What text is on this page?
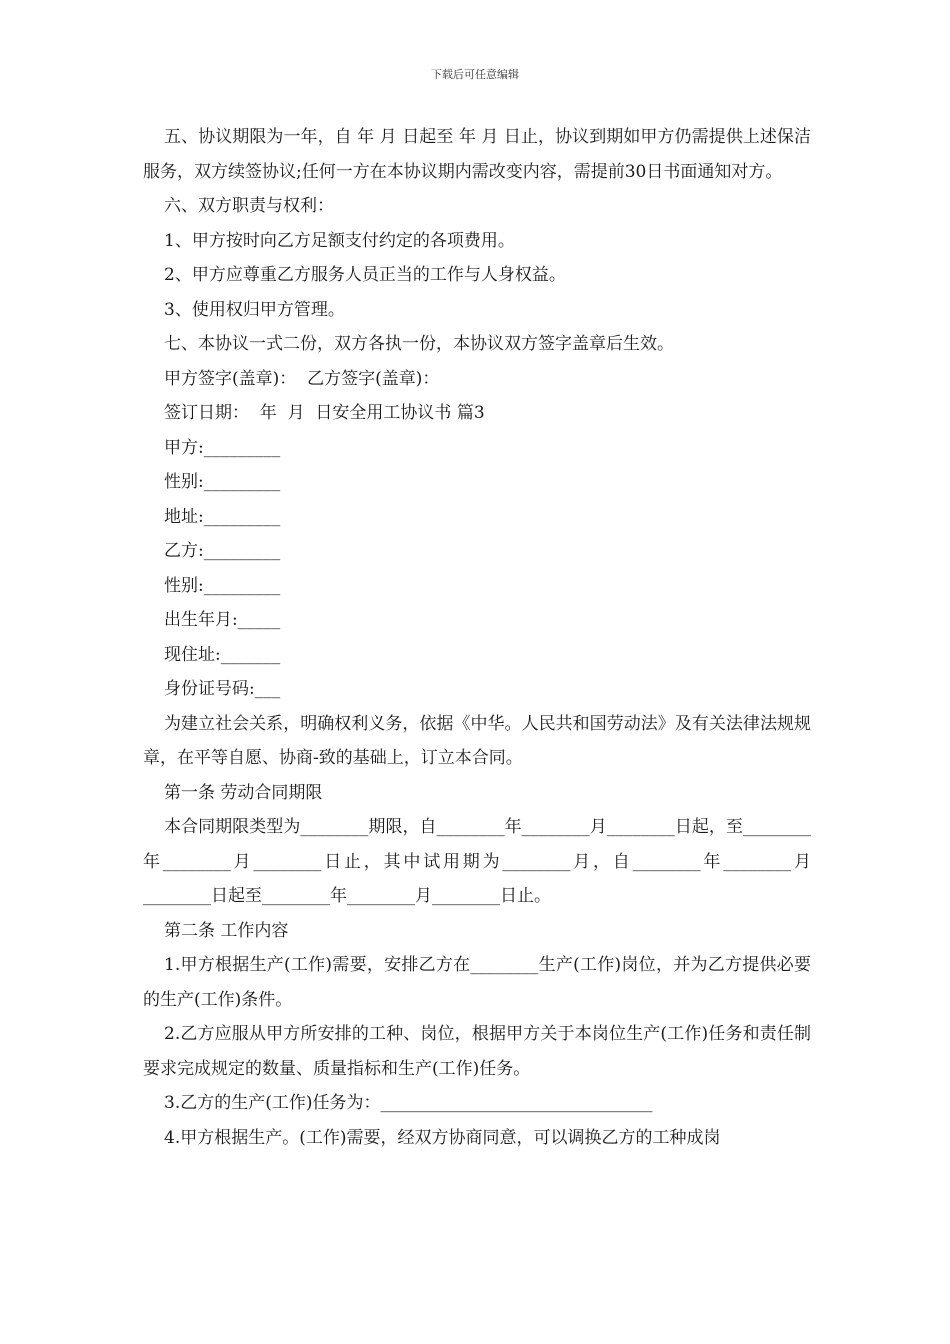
下载后可任意编辑

五、协议期限为一年，自 年 月 日起至 年 月 日止，协议到期如甲方仍需提供上述保洁服务，双方续签协议;任何一方在本协议期内需改变内容，需提前30日书面通知对方。

六、双方职责与权利：

1、甲方按时向乙方足额支付约定的各项费用。

2、甲方应尊重乙方服务人员正当的工作与人身权益。

3、使用权归甲方管理。

七、本协议一式二份，双方各执一份，本协议双方签字盖章后生效。

甲方签字(盖章)：  乙方签字(盖章)：

签订日期：  年  月  日安全用工协议书 篇3

甲方:_________

性别:_________

地址:_________

乙方:_________

性别:_________

出生年月:_____

现住址:_______

身份证号码:___

为建立社会关系，明确权利义务，依据《中华。人民共和国劳动法》及有关法律法规规章，在平等自愿、协商-致的基础上，订立本合同。

第一条 劳动合同期限

本合同期限类型为________期限，自________年________月________日起，至________年________月________日止，其中试用期为________月，自________年________月________日起至________年________月________日止。

第二条 工作内容

1.甲方根据生产(工作)需要，安排乙方在________生产(工作)岗位，并为乙方提供必要的生产(工作)条件。

2.乙方应服从甲方所安排的工种、岗位，根据甲方关于本岗位生产(工作)任务和责任制要求完成规定的数量、质量指标和生产(工作)任务。

3.乙方的生产(工作)任务为：________________________________

4.甲方根据生产。(工作)需要，经双方协商同意，可以调换乙方的工种成岗
